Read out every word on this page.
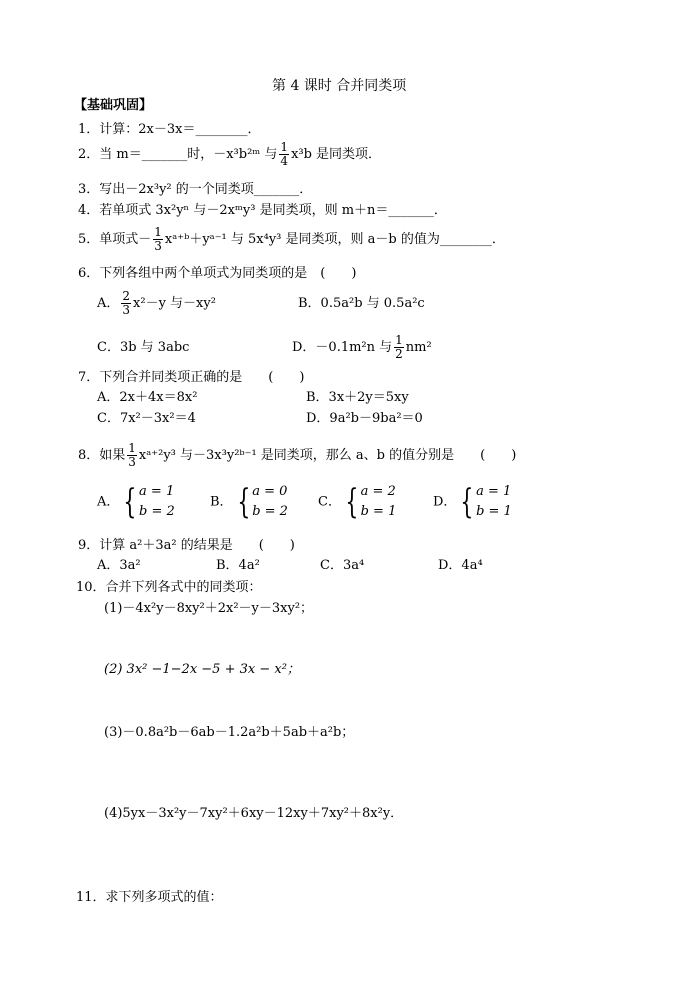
第 4 课时 合并同类项
【基础巩固】
1．计算：2x－3x＝________．
2．当 m＝_______时，－x³b²ᵐ 与 $\frac{1}{4} x^3b$ 是同类项．
3．写出－2x³y² 的一个同类项_______．
4．若单项式 3x²yⁿ 与－2xᵐy³ 是同类项，则 m＋n＝_______．
5．单项式－ $\frac{1}{3}$ xᵃ⁺ᵇ＋yᵃ⁻¹ 与 5x⁴y³ 是同类项，则 a－b 的值为________．
6．下列各组中两个单项式为同类项的是　(　　)
A． $\frac{2}{3} x^2-y$ 与－xy²	B．0.5a²b 与 0.5a²c
C．3b 与 3abc	D．－0.1m²n 与 $\frac{1}{2} nm^2$
7．下列合并同类项正确的是　　(　　)
A．2x＋4x＝8x²	B．3x＋2y＝5xy
C．7x²－3x²＝4	D．9a²b－9ba²＝0
8．如果 $\frac{1}{3}$ xᵃ⁺²y³ 与－3x³y²ᵇ⁻¹ 是同类项，那么 a、b 的值分别是　　(　　)
A． { a = 1
b = 2
B． { a = 0
b = 2
C． { a = 2
b = 1
D． { a = 1
b = 1
9．计算 a²＋3a² 的结果是　　(　　)
A．3a²	B．4a²	C．3a⁴	D．4a⁴
10．合并下列各式中的同类项：
(1)－4x²y－8xy²＋2x²－y－3xy²；
(2) 3x² −1−2x −5 + 3x − x²；
(3)－0.8a²b－6ab－1.2a²b＋5ab＋a²b；
(4)5yx－3x²y－7xy²＋6xy－12xy＋7xy²＋8x²y．
11．求下列多项式的值：
